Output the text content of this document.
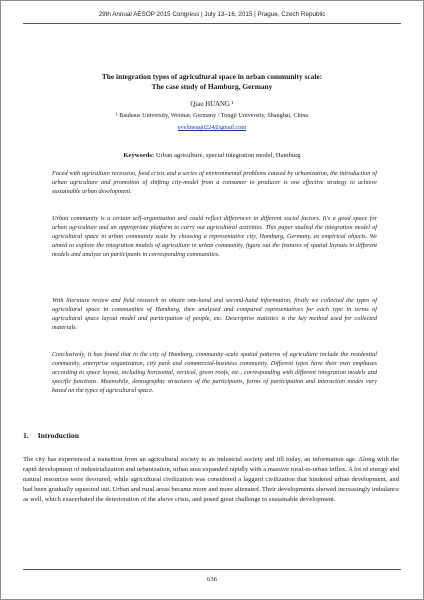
29th Annual AESOP 2015 Congress | July 13–16, 2015 | Prague, Czech Republic
The integration types of agricultural space in urban community scale:
The case study of Hamburg, Germany
Qiao HUANG ¹
¹ Bauhaus University, Weimar, Germany / Tongji University, Shanghai, China
evelineqq0224@gmail.com
Keywords: Urban agriculture, special integration model, Hamburg
Faced with agriculture recession, food crisis and a series of environmental problems caused by urbanization, the introduction of urban agriculture and promotion of shifting city-model from a consumer to producer is one effective strategy to achieve sustainable urban development.
Urban community is a certain self-organization and could reflect differences in different social factors. It's a good space for urban agriculture and an appropriate platform to carry out agricultural activities. This paper studied the integration model of agricultural space in urban community scale by choosing a representative city, Hamburg, Germany, as empirical objects. We aimed to explore the integration models of agriculture in urban community, figure out the features of spatial layouts in different models and analyze on participants in corresponding communities.
With literature review and field research to obtain one-hand and second-hand information, firstly we collected the types of agricultural space in communities of Hamburg, then analyzed and compared representatives for each type in terms of agricultural space layout model and participation of people, etc. Descriptive statistics is the key method used for collected materials.
Conclusively, it has found that in the city of Hamburg, community-scale spatial patterns of agriculture include the residential community, enterprise organization, city park and commercial-business community. Different types have their own emphases according to space layout, including horizontal, vertical, green roofs, etc., corresponding with different integration models and specific functions. Meanwhile, demographic structures of the participants, forms of participation and interaction modes vary based on the types of agricultural space.
1. Introduction
The city has experienced a transition from an agricultural society to an industrial society and till today, an information age. Along with the rapid development of industrialization and urbanization, urban area expanded rapidly with a massive rural-to-urban influx. A lot of energy and natural resources were devoured, while agricultural civilization was considered a laggard civilization that hindered urban development, and had been gradually squeezed out. Urban and rural areas became more and more alienated. Their developments showed increasingly imbalance as well, which exacerbated the deterioration of the above crisis, and posed great challenge to sustainable development.
636
